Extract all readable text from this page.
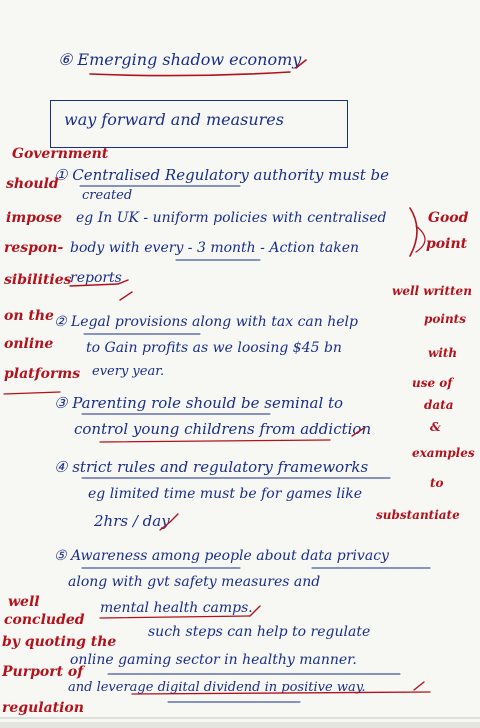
⑥ Emerging shadow economy
way forward and measures
① Centralised Regulatory authority must be
created
eg In UK - uniform policies with centralised
body with every - 3 month - Action taken
reports
② Legal provisions along with tax can help
to Gain profits as we loosing $45 bn
every year.
③ Parenting role should be seminal to
control young childrens from addiction
④ strict rules and regulatory frameworks
eg limited time must be for games like
2hrs / day
⑤ Awareness among people about data privacy
along with gvt safety measures and
mental health camps.
such steps can help to regulate
online gaming sector in healthy manner.
and leverage digital dividend in positive way.
Government
should
impose
respon-
sibilities
on the
online
platforms
well
concluded
by quoting the
Purport of
regulation
Good
point
well written
points
with
use of
data
&
examples
to
substantiate
